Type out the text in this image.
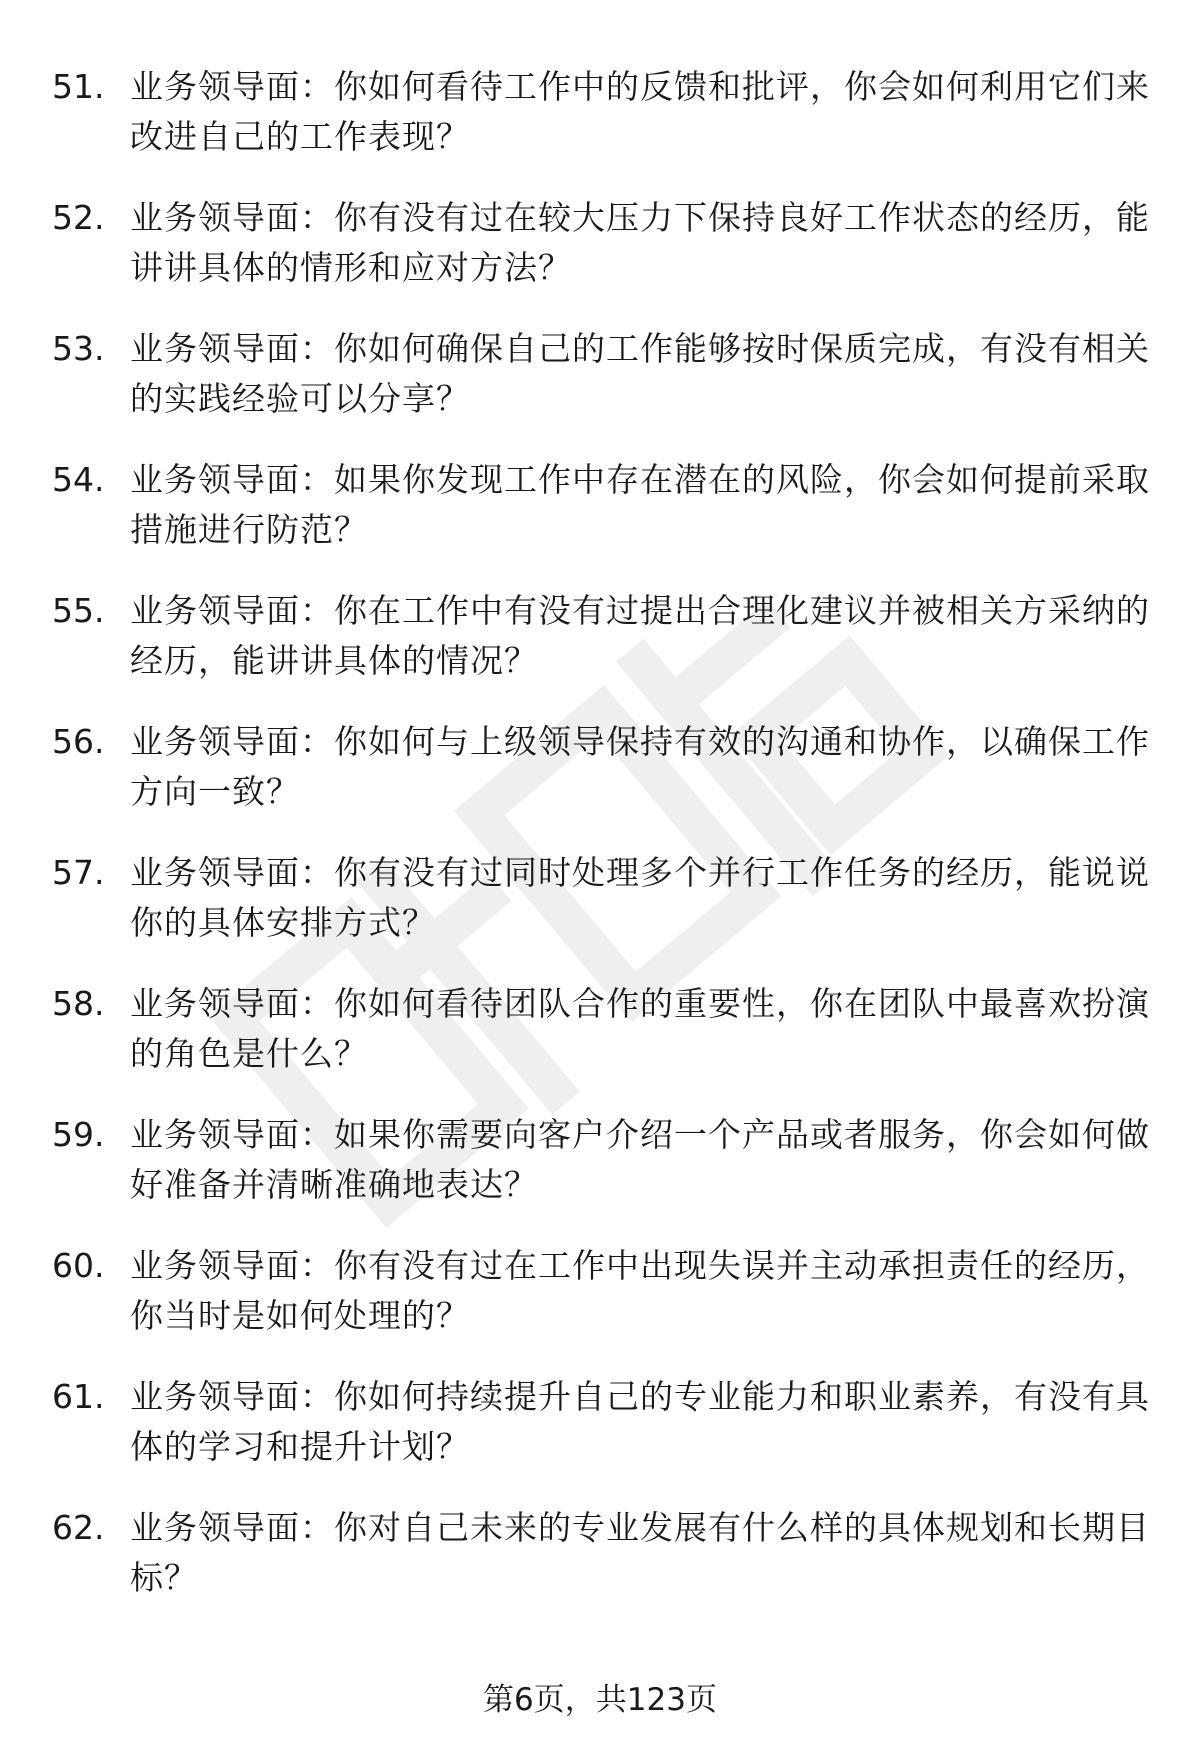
51. 业务领导面：你如何看待工作中的反馈和批评，你会如何利用它们来改进自己的工作表现？
52. 业务领导面：你有没有过在较大压力下保持良好工作状态的经历，能讲讲具体的情形和应对方法？
53. 业务领导面：你如何确保自己的工作能够按时保质完成，有没有相关的实践经验可以分享？
54. 业务领导面：如果你发现工作中存在潜在的风险，你会如何提前采取措施进行防范？
55. 业务领导面：你在工作中有没有过提出合理化建议并被相关方采纳的经历，能讲讲具体的情况？
56. 业务领导面：你如何与上级领导保持有效的沟通和协作，以确保工作方向一致？
57. 业务领导面：你有没有过同时处理多个并行工作任务的经历，能说说你的具体安排方式？
58. 业务领导面：你如何看待团队合作的重要性，你在团队中最喜欢扮演的角色是什么？
59. 业务领导面：如果你需要向客户介绍一个产品或者服务，你会如何做好准备并清晰准确地表达？
60. 业务领导面：你有没有过在工作中出现失误并主动承担责任的经历，你当时是如何处理的？
61. 业务领导面：你如何持续提升自己的专业能力和职业素养，有没有具体的学习和提升计划？
62. 业务领导面：你对自己未来的专业发展有什么样的具体规划和长期目标？
第6页，共123页
